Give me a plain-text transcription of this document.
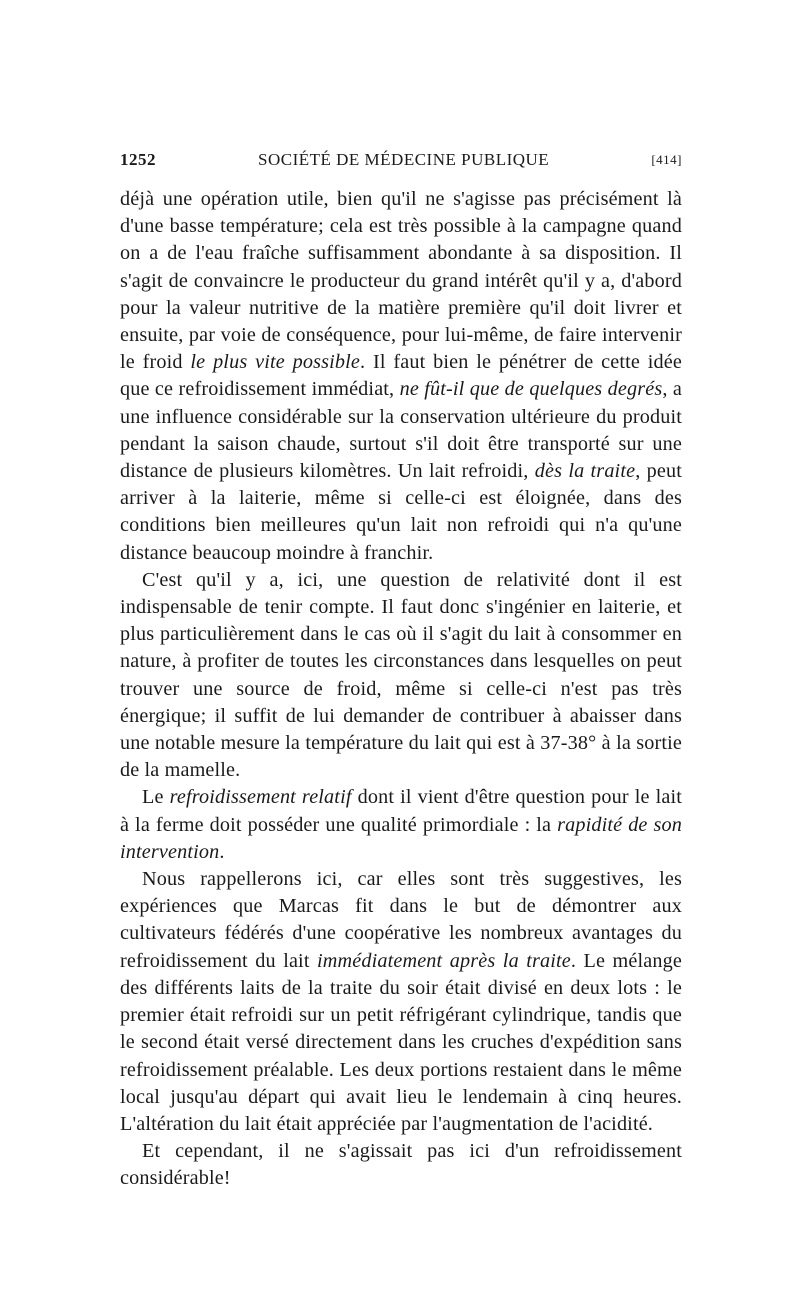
1252	SOCIÉTÉ DE MÉDECINE PUBLIQUE	[414]

déjà une opération utile, bien qu'il ne s'agisse pas précisément là d'une basse température; cela est très possible à la campagne quand on a de l'eau fraîche suffisamment abondante à sa disposition. Il s'agit de convaincre le producteur du grand intérêt qu'il y a, d'abord pour la valeur nutritive de la matière première qu'il doit livrer et ensuite, par voie de conséquence, pour lui-même, de faire intervenir le froid le plus vite possible. Il faut bien le pénétrer de cette idée que ce refroidissement immédiat, ne fût-il que de quelques degrés, a une influence considérable sur la conservation ultérieure du produit pendant la saison chaude, surtout s'il doit être transporté sur une distance de plusieurs kilomètres. Un lait refroidi, dès la traite, peut arriver à la laiterie, même si celle-ci est éloignée, dans des conditions bien meilleures qu'un lait non refroidi qui n'a qu'une distance beaucoup moindre à franchir.

C'est qu'il y a, ici, une question de relativité dont il est indispensable de tenir compte. Il faut donc s'ingénier en laiterie, et plus particulièrement dans le cas où il s'agit du lait à consommer en nature, à profiter de toutes les circonstances dans lesquelles on peut trouver une source de froid, même si celle-ci n'est pas très énergique; il suffit de lui demander de contribuer à abaisser dans une notable mesure la température du lait qui est à 37-38° à la sortie de la mamelle.

Le refroidissement relatif dont il vient d'être question pour le lait à la ferme doit posséder une qualité primordiale : la rapidité de son intervention.

Nous rappellerons ici, car elles sont très suggestives, les expériences que Marcas fit dans le but de démontrer aux cultivateurs fédérés d'une coopérative les nombreux avantages du refroidissement du lait immédiatement après la traite. Le mélange des différents laits de la traite du soir était divisé en deux lots : le premier était refroidi sur un petit réfrigérant cylindrique, tandis que le second était versé directement dans les cruches d'expédition sans refroidissement préalable. Les deux portions restaient dans le même local jusqu'au départ qui avait lieu le lendemain à cinq heures. L'altération du lait était appréciée par l'augmentation de l'acidité.

Et cependant, il ne s'agissait pas ici d'un refroidissement considérable!
